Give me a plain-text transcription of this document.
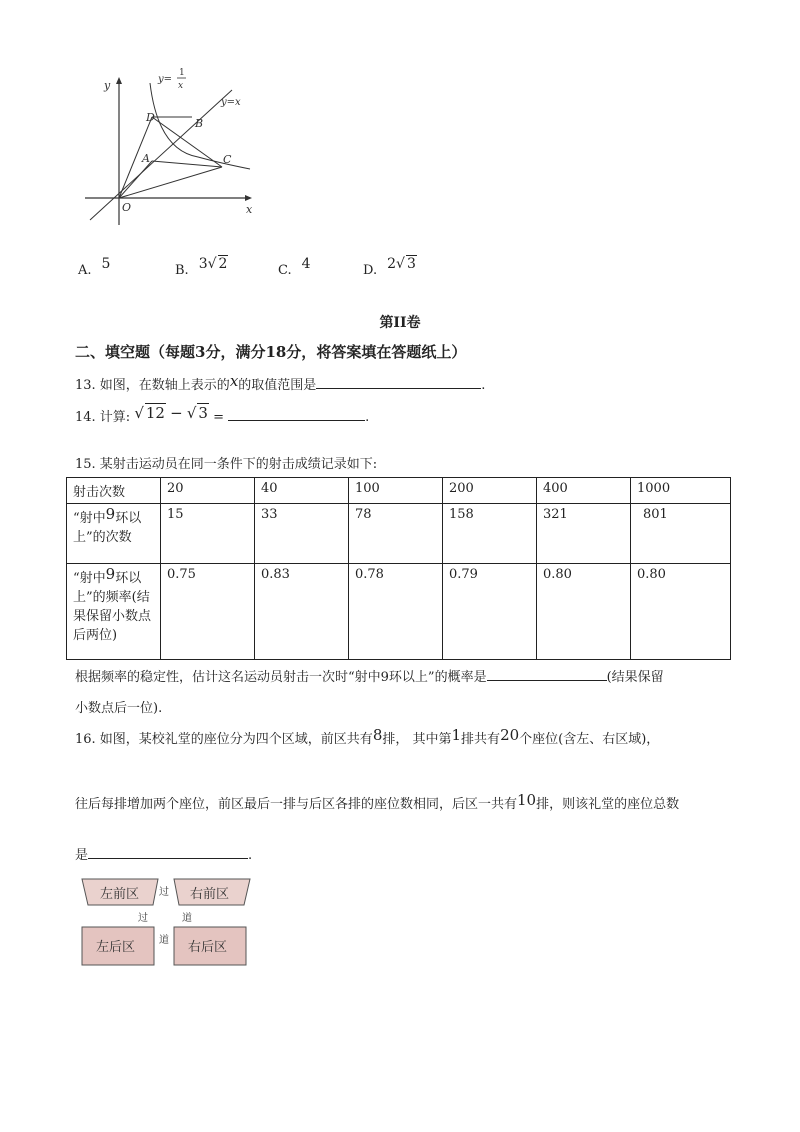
y
x
O
D	B
A	C
y=
1
x
y=x
A. 5	B. 3√ 2	C. 4	D. 2√ 3
第II卷
二、填空题（每题3分，满分18分，将答案填在答题纸上）
13. 如图，在数轴上表示的x的取值范围是	.
14. 计算: √ 12 − √ 3 =	.
15. 某射击运动员在同一条件下的射击成绩记录如下:
射击次数	20	40	100	200	400	1000
“射中9环以上”的次数	15	33	78	158	321	801
“射中9环以上”的频率(结果保留小数点后两位)	0.75	0.83	0.78	0.79	0.80	0.80
根据频率的稳定性，估计这名运动员射击一次时“射中9环以上”的概率是	(结果保留
小数点后一位).
16. 如图，某校礼堂的座位分为四个区域，前区共有8排， 其中第1排共有20个座位(含左、右区域)，
往后每排增加两个座位，前区最后一排与后区各排的座位数相同，后区一共有10排，则该礼堂的座位总数
是	.
左前区	右前区
左后区	右后区
过
过	道
道
